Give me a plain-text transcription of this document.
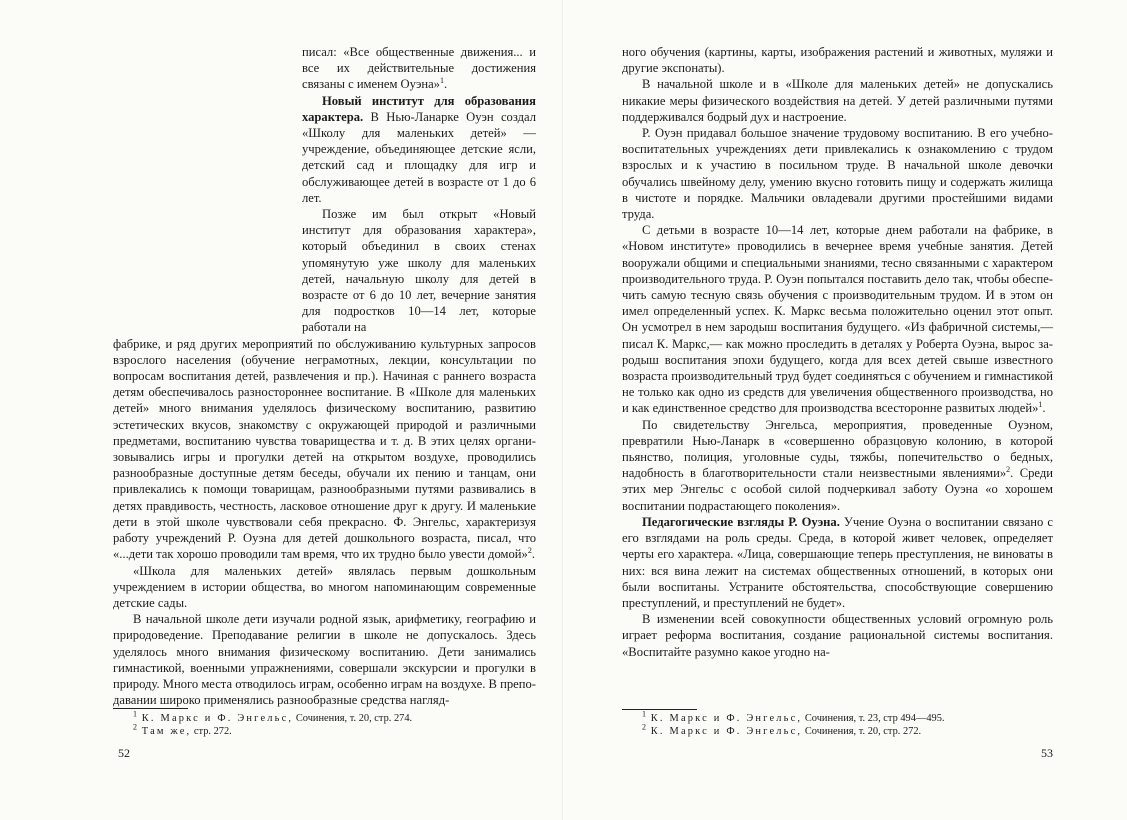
писал: «Все общественные движения... и все их действительные достижения связаны с именем Оуэна»$^1$.

Новый институт для образования характера. В Нью-Ланарке Оуэн создал «Школу для маленьких детей» — учреждение, объединяющее детские ясли, детский сад и площадку для игр и обслуживающее детей в возрасте от 1 до 6 лет.

Позже им был открыт «Новый институт для образования характера», который объединил в своих стенах упомянутую уже школу для маленьких детей, начальную школу для детей в возрасте от 6 до 10 лет, вечерние занятия для подростков 10—14 лет, которые работали на

фабрике, и ряд других мероприятий по обслуживанию культурных запросов взрослого населения (обучение неграмотных, лекции, консультации по вопросам воспитания детей, развлечения и пр.). Начиная с раннего возраста детям обеспечивалось разностороннее воспитание. В «Школе для маленьких детей» много внимания уделялось физическому воспитанию, развитию эстетических вкусов, знакомству с окружающей природой и различными предметами, воспитанию чувства товарищества и т. д. В этих целях организовывались игры и прогулки детей на открытом воздухе, проводились разнообразные доступные детям беседы, обучали их пению и танцам, они привлекались к помощи товарищам, разнообразными путями развивались в детях правдивость, честность, ласковое отношение друг к другу. И маленькие дети в этой школе чувствовали себя прекрасно. Ф. Энгельс, характеризуя работу учреждений Р. Оуэна для детей дошкольного возраста, писал, что «...дети так хорошо проводили там время, что их трудно было увести домой»$^2$.

«Школа для маленьких детей» являлась первым дошкольным учреждением в истории общества, во многом напоминающим современные детские сады.

В начальной школе дети изучали родной язык, арифметику, географию и природоведение. Преподавание религии в школе не допускалось. Здесь уделялось много внимания физическому воспитанию. Дети занимались гимнастикой, военными упражнениями, совершали экскурсии и прогулки в природу. Много места отводилось играм, особенно играм на воздухе. В преподавании широко применялись разнообразные средства нагляд-

$^1$ К. Маркс и Ф. Энгельс, Сочинения, т. 20, стр. 274.
$^2$ Там же, стр. 272.
52

ного обучения (картины, карты, изображения растений и животных, муляжи и другие экспонаты).

В начальной школе и в «Школе для маленьких детей» не допускались никакие меры физического воздействия на детей. У детей различными путями поддерживался бодрый дух и настроение.

Р. Оуэн придавал большое значение трудовому воспитанию. В его учебно-воспитательных учреждениях дети привлекались к ознакомлению с трудом взрослых и к участию в посильном труде. В начальной школе девочки обучались швейному делу, умению вкусно готовить пищу и содержать жилища в чистоте и порядке. Мальчики овладевали другими простейшими видами труда.

С детьми в возрасте 10—14 лет, которые днем работали на фабрике, в «Новом институте» проводились в вечернее время учебные занятия. Детей вооружали общими и специальными знаниями, тесно связанными с характером производительного труда. Р. Оуэн попытался поставить дело так, чтобы обеспечить самую тесную связь обучения с производительным трудом. И в этом он имел определенный успех. К. Маркс весьма положительно оценил этот опыт. Он усмотрел в нем зародыш воспитания будущего. «Из фабричной системы,— писал К. Маркс,— как можно проследить в деталях у Роберта Оуэна, вырос зародыш воспитания эпохи будущего, когда для всех детей свыше известного возраста производительный труд будет соединяться с обучением и гимнастикой не только как одно из средств для увеличения общественного производства, но и как единственное средство для производства всесторонне развитых людей»$^1$.

По свидетельству Энгельса, мероприятия, проведенные Оуэном, превратили Нью-Ланарк в «совершенно образцовую колонию, в которой пьянство, полиция, уголовные суды, тяжбы, попечительство о бедных, надобность в благотворительности стали неизвестными явлениями»$^2$. Среди этих мер Энгельс с особой силой подчеркивал заботу Оуэна «о хорошем воспитании подрастающего поколения».

Педагогические взгляды Р. Оуэна. Учение Оуэна о воспитании связано с его взглядами на роль среды. Среда, в которой живет человек, определяет черты его характера. «Лица, совершающие теперь преступления, не виноваты в них: вся вина лежит на системах общественных отношений, в которых они были воспитаны. Устраните обстоятельства, способствующие совершению преступлений, и преступлений не будет».

В изменении всей совокупности общественных условий огромную роль играет реформа воспитания, создание рациональной системы воспитания. «Воспитайте разумно какое угодно на-

$^1$ К. Маркс и Ф. Энгельс, Сочинения, т. 23, стр 494—495.
$^2$ К. Маркс и Ф. Энгельс, Сочинения, т. 20, стр. 272.
53
